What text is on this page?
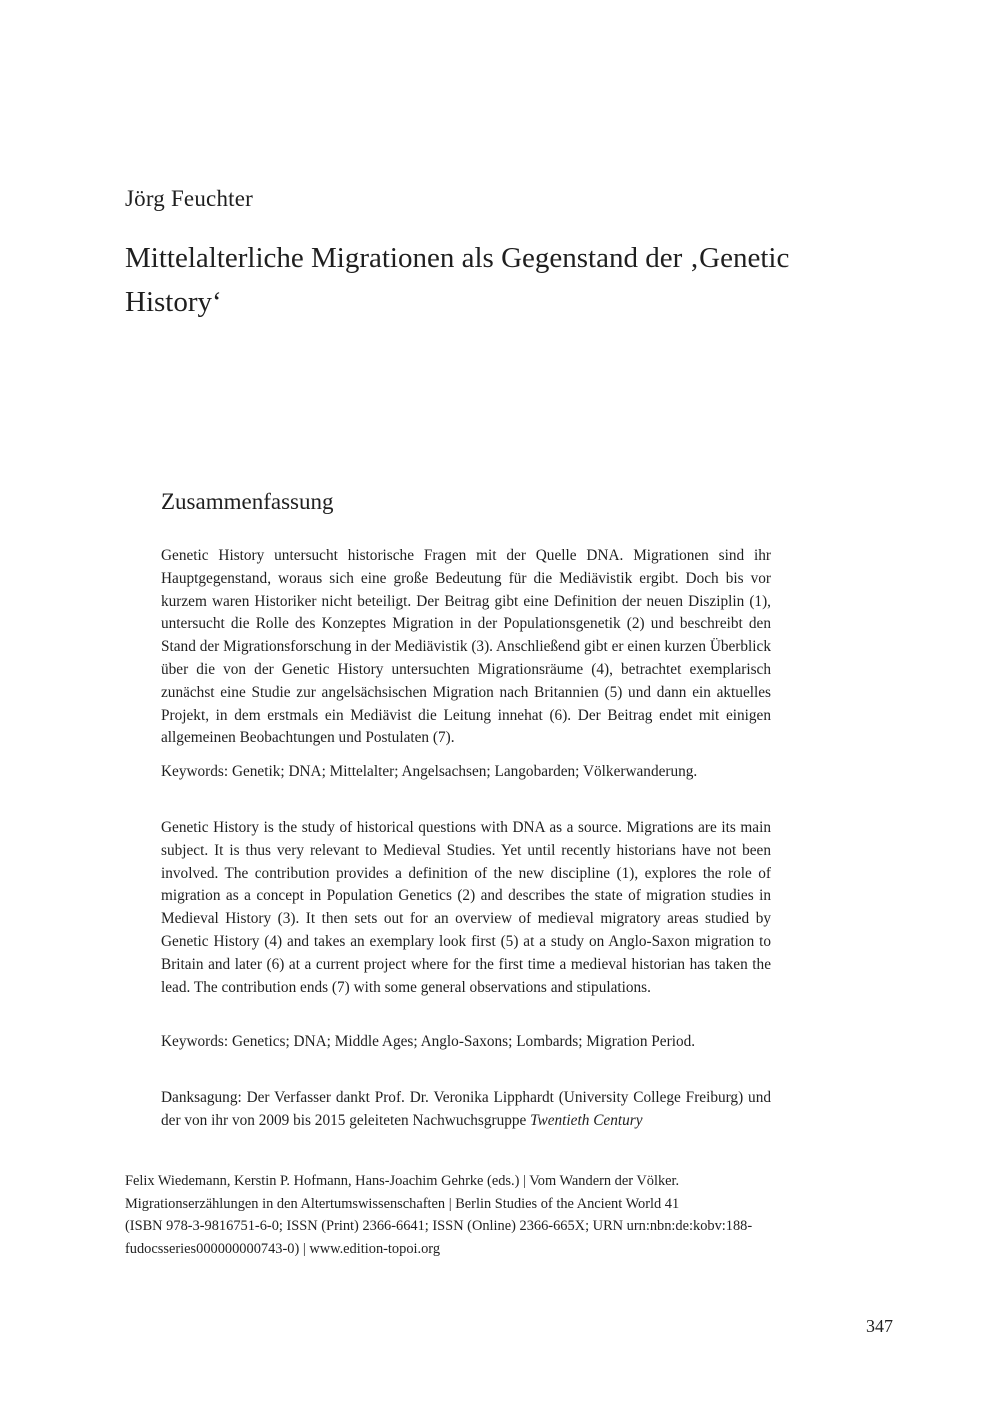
Jörg Feuchter
Mittelalterliche Migrationen als Gegenstand der ‚Genetic History‘
Zusammenfassung

Genetic History untersucht historische Fragen mit der Quelle DNA. Migrationen sind ihr Hauptgegenstand, woraus sich eine große Bedeutung für die Mediävistik ergibt. Doch bis vor kurzem waren Historiker nicht beteiligt. Der Beitrag gibt eine Definition der neuen Disziplin (1), untersucht die Rolle des Konzeptes Migration in der Populationsgenetik (2) und beschreibt den Stand der Migrationsforschung in der Mediävistik (3). Anschließend gibt er einen kurzen Überblick über die von der Genetic History untersuchten Migrationsräume (4), betrachtet exemplarisch zunächst eine Studie zur angelsächsischen Migration nach Britannien (5) und dann ein aktuelles Projekt, in dem erstmals ein Mediävist die Leitung innehat (6). Der Beitrag endet mit einigen allgemeinen Beobachtungen und Postulaten (7).

Keywords: Genetik; DNA; Mittelalter; Angelsachsen; Langobarden; Völkerwanderung.

Genetic History is the study of historical questions with DNA as a source. Migrations are its main subject. It is thus very relevant to Medieval Studies. Yet until recently historians have not been involved. The contribution provides a definition of the new discipline (1), explores the role of migration as a concept in Population Genetics (2) and describes the state of migration studies in Medieval History (3). It then sets out for an overview of medieval migratory areas studied by Genetic History (4) and takes an exemplary look first (5) at a study on Anglo-Saxon migration to Britain and later (6) at a current project where for the first time a medieval historian has taken the lead. The contribution ends (7) with some general observations and stipulations.

Keywords: Genetics; DNA; Middle Ages; Anglo-Saxons; Lombards; Migration Period.

Danksagung: Der Verfasser dankt Prof. Dr. Veronika Lipphardt (University College Freiburg) und der von ihr von 2009 bis 2015 geleiteten Nachwuchsgruppe Twentieth Century

Felix Wiedemann, Kerstin P. Hofmann, Hans-Joachim Gehrke (eds.) | Vom Wandern der Völker.
Migrationserzählungen in den Altertumswissenschaften | Berlin Studies of the Ancient World 41
(ISBN 978-3-9816751-6-0; ISSN (Print) 2366-6641; ISSN (Online) 2366-665X; URN urn:nbn:de:kobv:188-
fudocsseries000000000743-0) | www.edition-topoi.org
347
